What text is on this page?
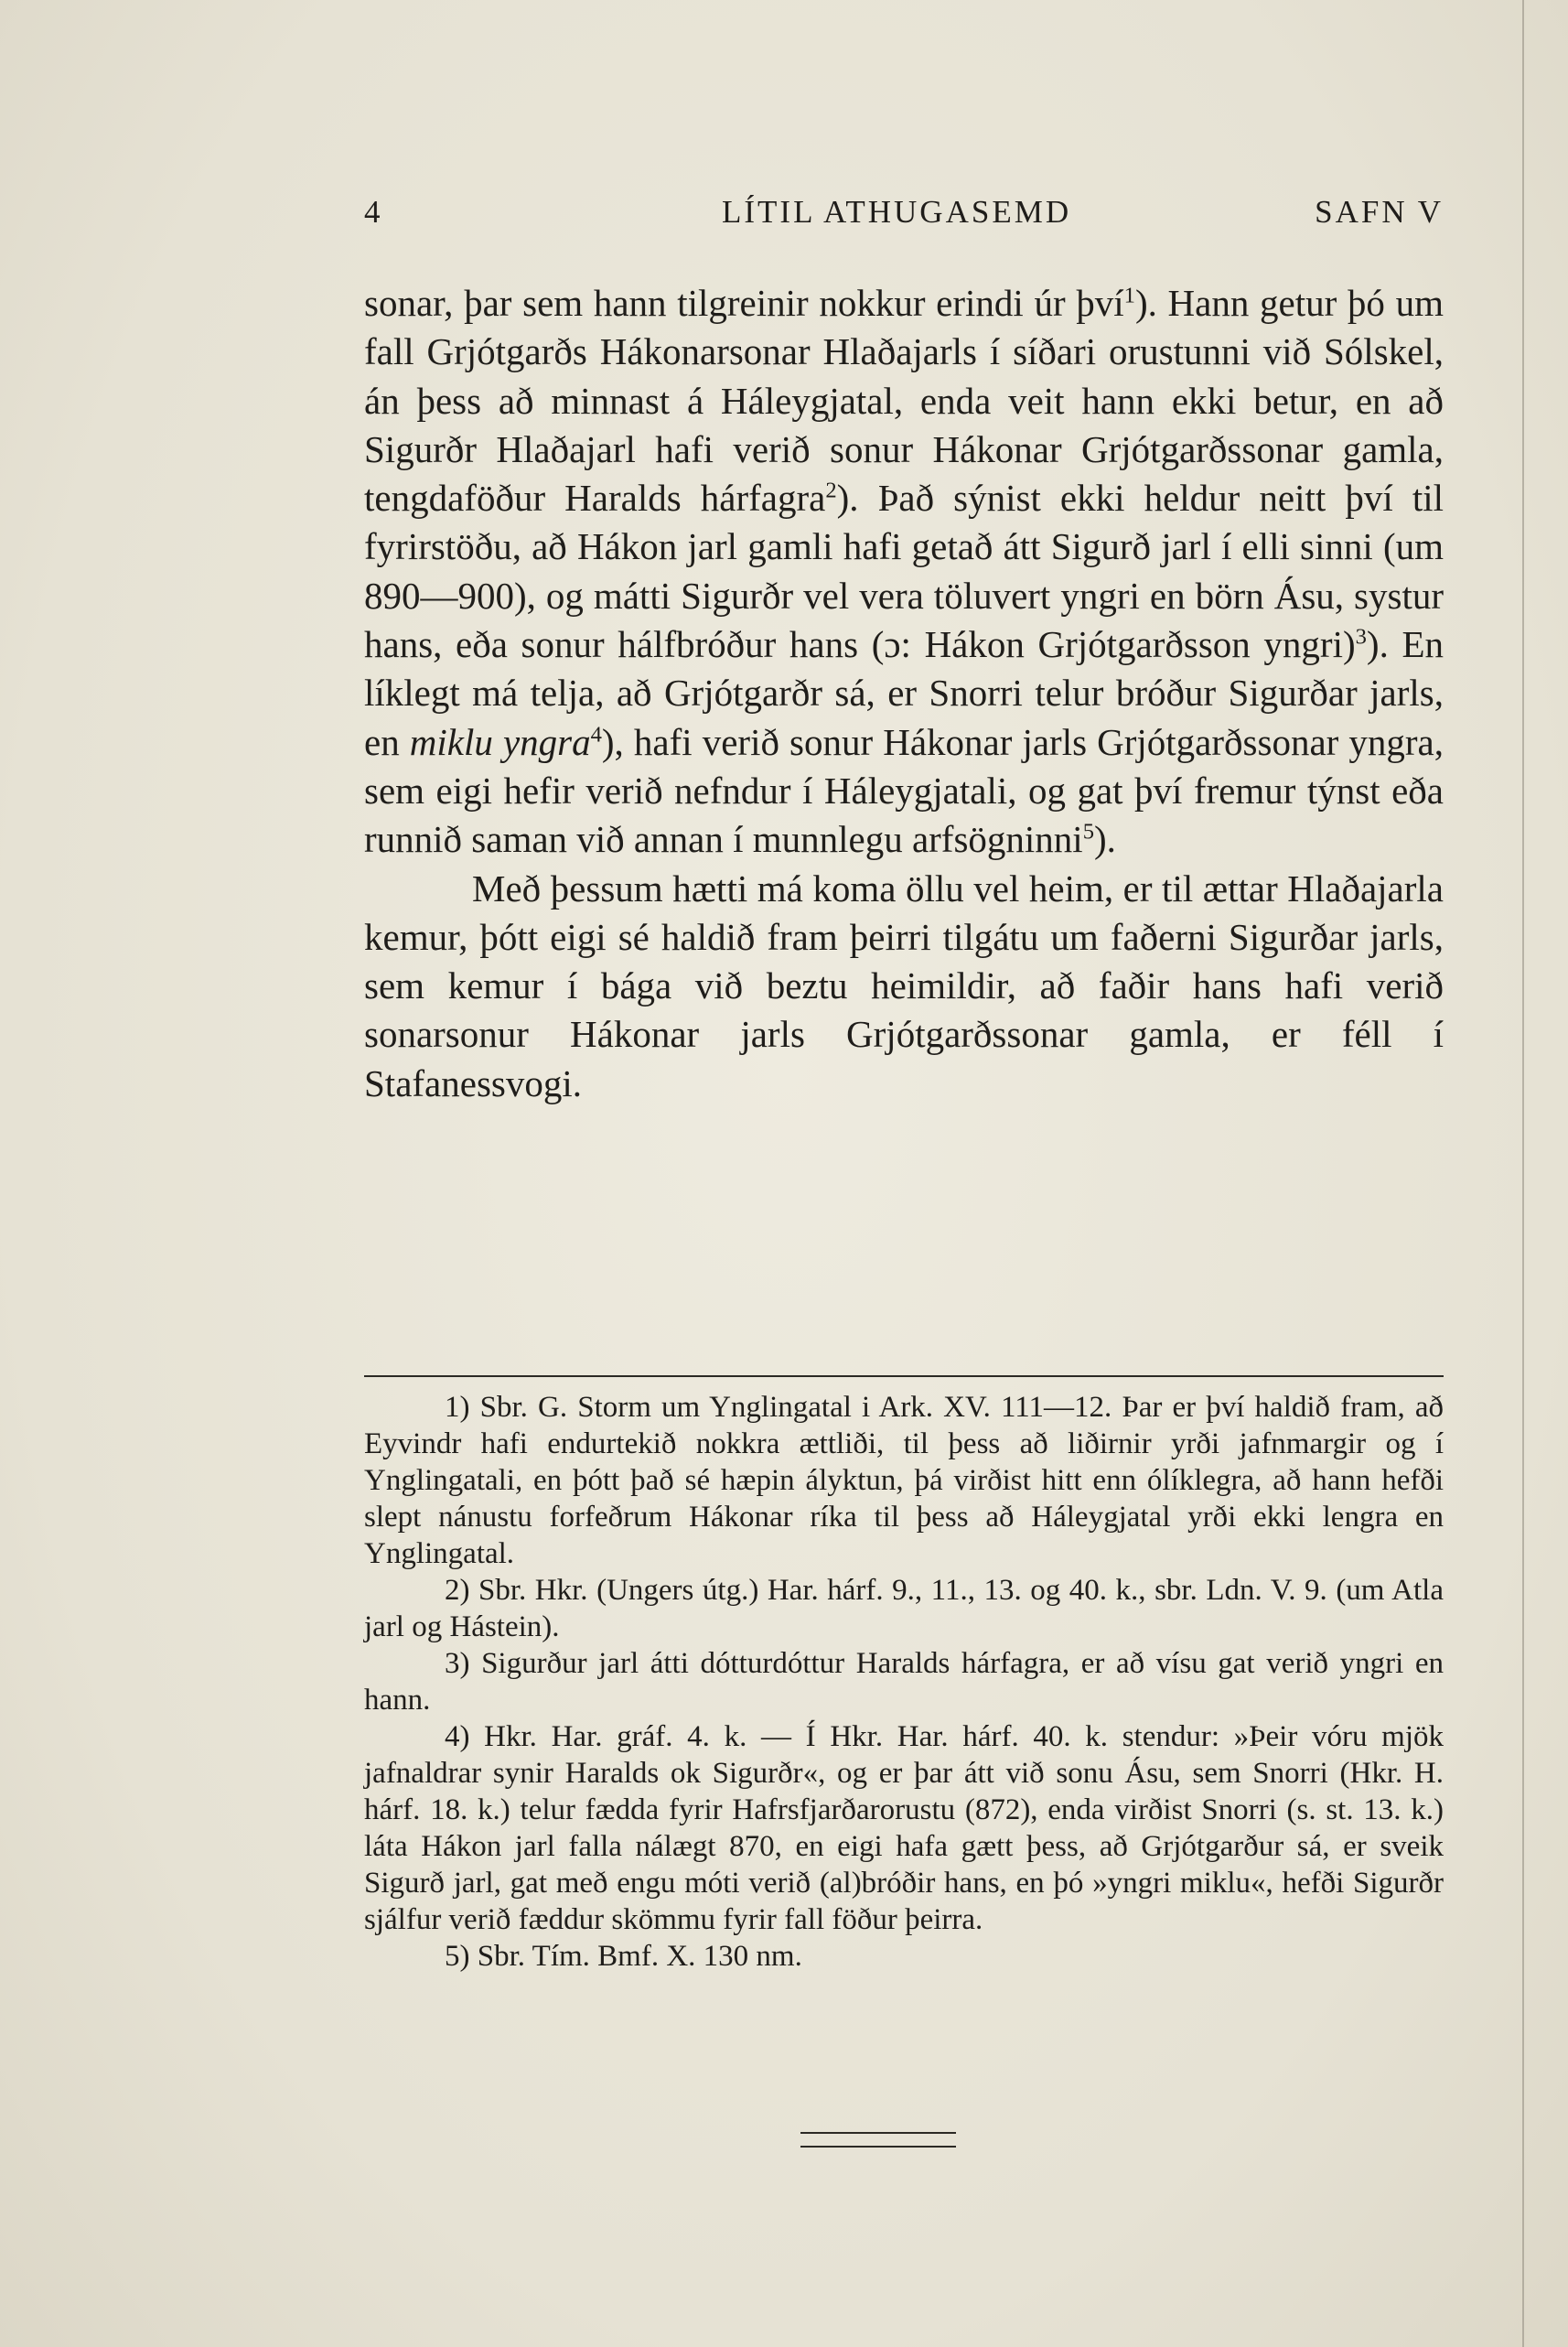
4	LÍTIL ATHUGASEMD	SAFN V

sonar, þar sem hann tilgreinir nokkur erindi úr því$^1$). Hann getur þó um fall Grjótgarðs Hákonarsonar Hlaðajarls í síðari orustunni við Sólskel, án þess að minnast á Háleygjatal, enda veit hann ekki betur, en að Sigurðr Hlaðajarl hafi verið sonur Hákonar Grjótgarðssonar gamla, tengdaföður Haralds hárfagra$^2$). Það sýnist ekki heldur neitt því til fyrirstöðu, að Hákon jarl gamli hafi getað átt Sigurð jarl í elli sinni (um 890—900), og mátti Sigurðr vel vera töluvert yngri en börn Ásu, systur hans, eða sonur hálfbróður hans (ɔ: Hákon Grjótgarðsson yngri)$^3$). En líklegt má telja, að Grjótgarðr sá, er Snorri telur bróður Sigurðar jarls, en miklu yngra$^4$), hafi verið sonur Hákonar jarls Grjótgarðssonar yngra, sem eigi hefir verið nefndur í Háleygjatali, og gat því fremur týnst eða runnið saman við annan í munnlegu arfsögninni$^5$).

Með þessum hætti má koma öllu vel heim, er til ættar Hlaðajarla kemur, þótt eigi sé haldið fram þeirri tilgátu um faðerni Sigurðar jarls, sem kemur í bága við beztu heimildir, að faðir hans hafi verið sonarsonur Hákonar jarls Grjótgarðssonar gamla, er féll í Stafanessvogi.

1) Sbr. G. Storm um Ynglingatal i Ark. XV. 111—12. Þar er því haldið fram, að Eyvindr hafi endurtekið nokkra ættliði, til þess að liðirnir yrði jafnmargir og í Ynglingatali, en þótt það sé hæpin ályktun, þá virðist hitt enn ólíklegra, að hann hefði slept nánustu forfeðrum Hákonar ríka til þess að Háleygjatal yrði ekki lengra en Ynglingatal.

2) Sbr. Hkr. (Ungers útg.) Har. hárf. 9., 11., 13. og 40. k., sbr. Ldn. V. 9. (um Atla jarl og Hástein).

3) Sigurður jarl átti dótturdóttur Haralds hárfagra, er að vísu gat verið yngri en hann.

4) Hkr. Har. gráf. 4. k. — Í Hkr. Har. hárf. 40. k. stendur: »Þeir vóru mjök jafnaldrar synir Haralds ok Sigurðr«, og er þar átt við sonu Ásu, sem Snorri (Hkr. H. hárf. 18. k.) telur fædda fyrir Hafrsfjarðarorustu (872), enda virðist Snorri (s. st. 13. k.) láta Hákon jarl falla nálægt 870, en eigi hafa gætt þess, að Grjótgarður sá, er sveik Sigurð jarl, gat með engu móti verið (al)bróðir hans, en þó »yngri miklu«, hefði Sigurðr sjálfur verið fæddur skömmu fyrir fall föður þeirra.

5) Sbr. Tím. Bmf. X. 130 nm.
